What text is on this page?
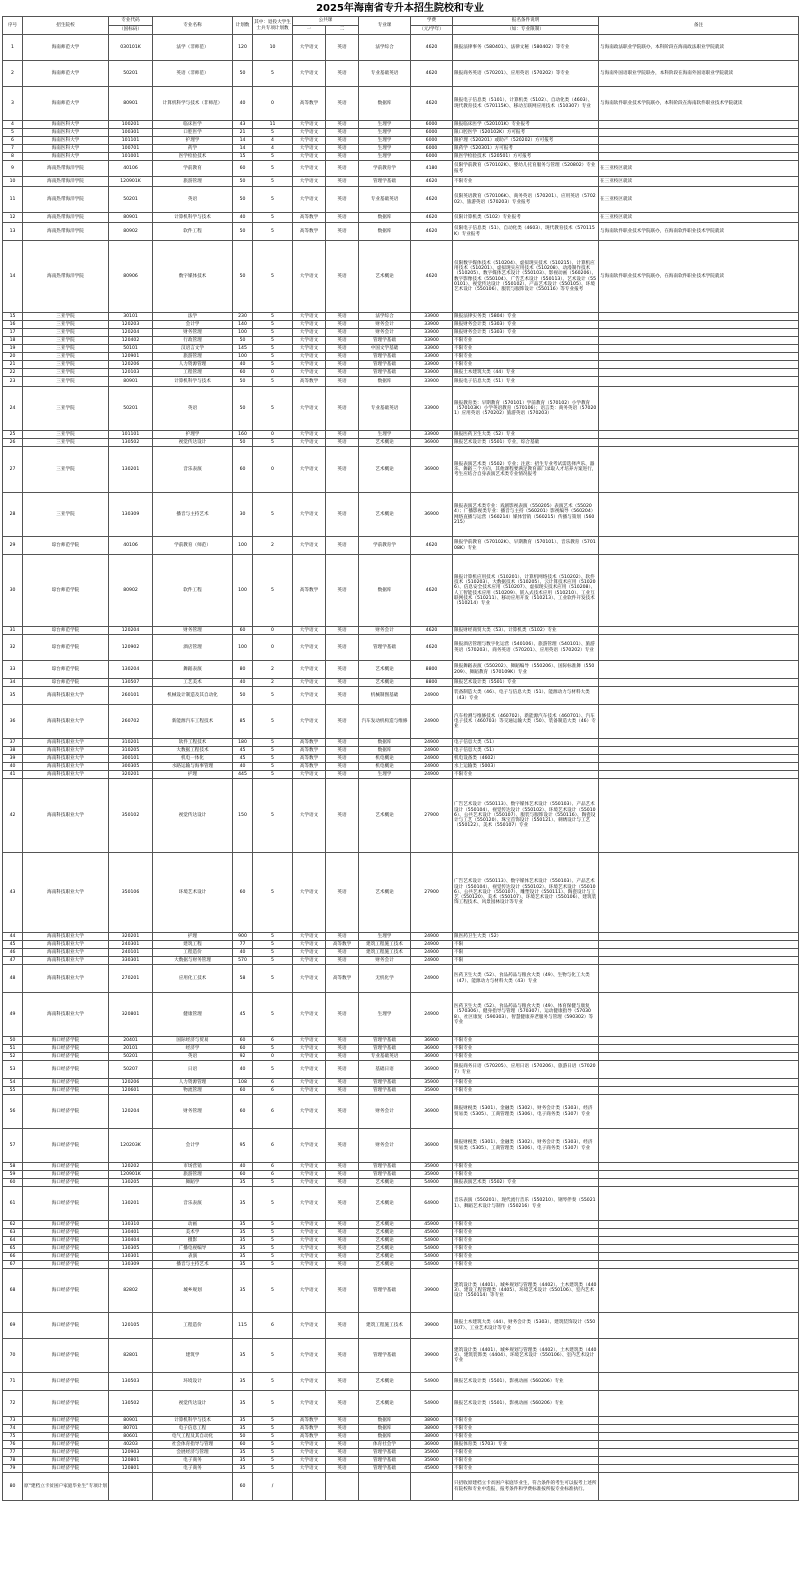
2025年海南省专升本招生院校和专业
序号	招生院校	专业代码	专业名称	计划数	其中：退役大学生士兵专项计划数	公共课		专业课	学费	报名条件说明	备注
		（国标码）				一	二		（元/学年）	（如：专业限制）	
1	海南师范大学	030101K	法学（非师范）	120	10	大学语文	英语	法学综合	4620	限报法律事务（580401）、法律文秘（580402）等专业	与海南政法职业学院联办，本科阶段在海南政法职业学院就读
2	海南师范大学	50201	英语（非师范）	50	5	大学语文	英语	专业基础英语	4620	限报商务英语（570201）、应用英语（570202）等专业	与海南外国语职业学院联办，本科阶段在海南外国语职业学院就读
3	海南师范大学	80901	计算机科学与技术（非师范）	40	0	高等数学	英语	数据库	4620	限报电子信息类（5101）、计算机类（5102）、自动化类（4603）、现代教育技术（570115K）、移动互联网应用技术（510307）专业	与海南软件职业技术学院联办，本科阶段在海南软件职业技术学院就读
4	海南医科大学	100201	临床医学	43	11	大学语文	英语	生理学	6000	限报临床医学（520101K）专业报考	
5	海南医科大学	100301	口腔医学	21	5	大学语文	英语	生理学	6000	限口腔医学（520102K）方可报考	
6	海南医科大学	101101	护理学	14	4	大学语文	英语	生理学	6000	限护理（520201）或助产（520202）方可报考	
7	海南医科大学	100701	药学	14	4	大学语文	英语	生理学	6000	限药学（520301）方可报考	
8	海南医科大学	101001	医学检验技术	15	5	大学语文	英语	生理学	6000	限医学检验技术（520501）方可报考	
9	海南热带海洋学院	40106	学前教育	60	5	大学语文	英语	学前教育学	4180	仅限学前教育（570102K）、婴幼儿托育服务与管理（520802）专业报考	在三亚校区就读
10	海南热带海洋学院	120901K	旅游管理	50	5	大学语文	英语	管理学基础	4620	不限专业	在三亚校区就读
11	海南热带海洋学院	50201	英语	50	5	大学语文	英语	专业基础英语	4620	仅限英语教育（570106K）、商务英语（570201）、应用英语（570202）、旅游英语（570203）专业报考	在三亚校区就读
12	海南热带海洋学院	80901	计算机科学与技术	40	5	高等数学	英语	数据库	4620	仅限计算机类（5102）专业报考	在三亚校区就读
13	海南热带海洋学院	80902	软件工程	50	5	高等数学	英语	数据库	4620	仅限电子信息类（51）、自动化类（4603）、现代教育技术（570115K）专业报考	与海南软件职业技术学院联办，在海南软件职业技术学院就读
14	海南热带海洋学院	80906	数字媒体技术	50	5	大学语文	英语	艺术概论	4620	仅限数字媒体技术（510204）、虚拟现实技术（510215）、计算机应用技术（510201）、虚拟现实应用技术（510208）、动漫制作技术（510205）、数字媒体艺术设计（550103）、影视动画（560206）、数字影像技术（550104）、广告艺术设计（550113）、艺术设计（550101）、视觉传达设计（550102）、产品艺术设计（550105）、环境艺术设计（550106）、服装与服饰设计（550116）等专业报考	与海南软件职业技术学院联办，在海南软件职业技术学院就读
15	三亚学院	30101	法学	230	5	大学语文	英语	法学综合	33900	限报法律实务类（5804）专业	
16	三亚学院	120203	会计学	140	5	大学语文	英语	财务会计	33900	限报财务会计类（5303）专业	
17	三亚学院	120204	财务管理	100	5	大学语文	英语	财务会计	33900	限报财务会计类（5303）专业	
18	三亚学院	120402	行政管理	50	5	大学语文	英语	管理学基础	33900	不限专业	
19	三亚学院	50101	汉语言文学	145	5	大学语文	英语	中国文学基础	33900	不限专业	
20	三亚学院	120901	旅游管理	100	5	大学语文	英语	管理学基础	33900	不限专业	
21	三亚学院	120206	人力资源管理	40	5	大学语文	英语	管理学基础	33900	不限专业	
22	三亚学院	120103	工程管理	60	0	大学语文	英语	管理学基础	33900	限报土木建筑大类（44）专业	
23	三亚学院	80901	计算机科学与技术	50	5	高等数学	英语	数据库	33900	限报电子信息大类（51）专业	
24	三亚学院	50201	英语	50	5	大学语文	英语	专业基础英语	33900	限报教育类：早期教育（570101）学前教育（570102）小学教育（570103K）小学英语教育（570106）；语言类：商务英语（570201）应用英语（570202）旅游英语（570203）	
25	三亚学院	101101	护理学	160	0	大学语文	英语	生理学	33900	限报医药卫生大类（52）专业	
26	三亚学院	130502	视觉传达设计	50	5	大学语文	英语	艺术概论	36900	限报艺术设计类（5501）专业，综合基础	
27	三亚学院	130201	音乐表演	60	0	大学语文	英语	艺术概论	36900	限报表演艺术类（5502）专业；注意：招生专业考试需选择声乐、器乐、舞蹈三个方向，其他课程要满足教育部门录取人才培养方案进行，考生应结合自身表演艺术类专业情况报考	
28	三亚学院	130309	播音与主持艺术	30	5	大学语文	英语	艺术概论	36900	限报表演艺术类专业：戏剧影视表演（550205）表演艺术（550204）；广播影视类专业：播音与主持（560201）影视编导（560204）网络直播与运营（560214）媒体营销（560215）传播与策划（560215）	
29	琼台师范学院	40106	学前教育（师范）	100	2	大学语文	英语	学前教育学	4620	限报学前教育（570102K）、早期教育（570101）、音乐教育（570108K）专业	
30	琼台师范学院	80902	软件工程	100	5	高等数学	英语	数据库	4620	限报计算机应用技术（510201）、计算机网络技术（510202）、软件技术（510203）、大数据技术（510205）、云计算技术应用（510206）、信息安全技术应用（510207）、虚拟现实技术应用（510208）、人工智能技术应用（510209）、嵌入式技术应用（510210）、工业互联网技术（510211）、移动应用开发（510213）、工业软件开发技术（510214）专业	
31	琼台师范学院	120204	财务管理	60	0	大学语文	英语	财务会计	4620	限报财经商贸大类（53）、计算机类（5102）专业	
32	琼台师范学院	120902	酒店管理	100	0	大学语文	英语	管理学基础	4620	限报酒店管理与数字化运营（540106）、旅游管理（540101）、旅游英语（570203）、商务英语（570201）、应用英语（570202）专业	
33	琼台师范学院	130204	舞蹈表演	80	2	大学语文	英语	艺术概论	8800	限报舞蹈表演（550202）、舞蹈编导（550206）、国际标准舞（550209）、舞蹈教育（570109K）专业	
34	琼台师范学院	130507	工艺美术	40	2	大学语文	英语	艺术概论	8800	限报艺术设计类（5501）专业	
35	海南科技职业大学	260101	机械设计制造及其自动化	50	5	大学语文	英语	机械制图基础	24900	装备制造大类（46）、电子与信息大类（51）、能源动力与材料大类（43）专业	
36	海南科技职业大学	260702	新能源汽车工程技术	85	5	大学语文	英语	汽车发动机构造与维修	24900	汽车检测与维修技术（460702）、新能源汽车技术（460701）、汽车电子技术（460703）等交通运输大类（50）、装备制造大类（46）专业	
37	海南科技职业大学	310201	软件工程技术	180	5	高等数学	英语	数据库	24900	电子信息大类（51）	
38	海南科技职业大学	310205	大数据工程技术	45	5	高等数学	英语	数据库	24900	电子信息大类（51）	
39	海南科技职业大学	300101	机电一体化	45	5	高等数学	英语	机电概论	24900	机电设备类（4602）	
40	海南科技职业大学	300305	水路运输与海事管理	40	5	高等数学	英语	机电概论	24900	水上运输类（5003）	
41	海南科技职业大学	320201	护理	445	5	大学语文	英语	生理学	24900	不限专业	
42	海南科技职业大学	350102	视觉传达设计	150	5	大学语文	英语	艺术概论	27900	广告艺术设计（550113）、数字媒体艺术设计（550103）、产品艺术设计（550104）、视觉传达设计（550102）、环境艺术设计（550106）、公共艺术设计（550107）、服装与服饰设计（550116）、陶瓷设计与工艺（550120）、珠宝首饰设计（550121）、刺绣设计与工艺（550122）、美术（550107）专业	
43	海南科技职业大学	350106	环境艺术设计	60	5	大学语文	英语	艺术概论	27900	广告艺术设计（550113）、数字媒体艺术设计（550103）、产品艺术设计（550104）、视觉传达设计（550102）、环境艺术设计（550106）、公共艺术设计（550107）、雕塑设计（550111）、陶瓷设计与工艺（550120）、美术（550107）、环境艺术设计（550106）、建筑装饰工程技术、风景园林设计等专业	
44	海南科技职业大学	320201	护理	900	5	大学语文	英语	生理学	24900	限医药卫生大类（52）	
45	海南科技职业大学	240301	建筑工程	77	5	大学语文	高等数学	建筑工程施工技术	24900	不限	
46	海南科技职业大学	240101	工程造价	40	5	大学语文	英语	建筑工程施工技术	24900	不限	
47	海南科技职业大学	330301	大数据与财务管理	570	5	大学语文	英语	财务会计	24900	不限	
48	海南科技职业大学	270201	应用化工技术	58	5	大学语文	高等数学	无机化学	24900	医药卫生大类（52）、食品药品与粮食大类（49）、生物与化工大类（47）、能源动力与材料大类（43）专业	
49	海南科技职业大学	320801	健康管理	45	5	大学语文	英语	生理学	24900	医药卫生大类（52）、食品药品与粮食大类（49）、体育保健与康复（570306）、健身指导与管理（570307）、运动健康指导（570308）、社区康复（590303）、智慧健康养老服务与管理（590302）等专业	
50	海口经济学院	20401	国际经济与贸易	60	6	大学语文	英语	管理学基础	36900	不限专业	
51	海口经济学院	20101	经济学	60	5	大学语文	英语	管理学基础	36900	不限专业	
52	海口经济学院	50201	英语	92	0	大学语文	英语	专业基础英语	36900	不限专业	
53	海口经济学院	50207	日语	40	5	大学语文	英语	基础日语	36900	限报商务日语（570205）、应用日语（570206）、旅游日语（570207）专业	
54	海口经济学院	120206	人力资源管理	108	6	大学语文	英语	管理学基础	35900	不限专业	
55	海口经济学院	120601	物流管理	60	6	大学语文	英语	管理学基础	35900	不限专业	
56	海口经济学院	120204	财务管理	60	6	大学语文	英语	财务会计	36900	限报财税类（5301）、金融类（5302）、财务会计类（5303）、经济贸易类（5305）、工商管理类（5306）、电子商务类（5307）专业	
57	海口经济学院	120203K	会计学	95	6	大学语文	英语	财务会计	36900	限报财税类（5301）、金融类（5302）、财务会计类（5303）、经济贸易类（5305）、工商管理类（5306）、电子商务类（5307）专业	
58	海口经济学院	120202	市场营销	40	6	大学语文	英语	管理学基础	35900	不限专业	
59	海口经济学院	120901K	旅游管理	60	6	大学语文	英语	管理学基础	35900	不限专业	
60	海口经济学院	130205	舞蹈学	35	5	大学语文	英语	艺术概论	54900	限报表演艺术类（5502）专业	
61	海口经济学院	130201	音乐表演	35	5	大学语文	英语	艺术概论	64900	音乐表演（550201）、现代流行音乐（550210）、钢琴伴奏（550211）、舞蹈艺术设计与制作（550216）专业	
62	海口经济学院	130310	动画	35	5	大学语文	英语	艺术概论	45900	不限专业	
63	海口经济学院	130401	美术学	35	5	大学语文	英语	艺术概论	45900	不限专业	
64	海口经济学院	130404	摄影	35	5	大学语文	英语	艺术概论	54900	不限专业	
65	海口经济学院	130305	广播电视编导	35	5	大学语文	英语	艺术概论	54900	不限专业	
66	海口经济学院	130301	表演	35	5	大学语文	英语	艺术概论	54900	不限专业	
67	海口经济学院	130309	播音与主持艺术	35	5	大学语文	英语	艺术概论	54900	不限专业	
68	海口经济学院	82802	城乡规划	35	5	大学语文	英语	管理学基础	39900	建筑设计类（4401）、城乡规划与管理类（4402）、土木建筑类（4403）、建设工程管理类（4405）、环境艺术设计（550106）、室内艺术设计（550114）等专业	
69	海口经济学院	120105	工程造价	115	6	大学语文	英语	建筑工程施工技术	39900	限报土木建筑大类（44）、财务会计类（5303）、建筑装饰设计（550107）、工业艺术设计等专业	
70	海口经济学院	82801	建筑学	35	5	大学语文	英语	管理学基础	39900	建筑设计类（4401）、城乡规划与管理类（4402）、土木建筑类（4403）、建筑装饰类（4404）、环境艺术设计（550106）、室内艺术设计专业	
71	海口经济学院	130503	环境设计	35	5	大学语文	英语	艺术概论	54900	限报艺术设计类（5501）、影视动画（560206）专业	
72	海口经济学院	130502	视觉传达设计	35	5	大学语文	英语	艺术概论	54900	限报艺术设计类（5501）、影视动画（560206）专业	
73	海口经济学院	80901	计算机科学与技术	35	5	高等数学	英语	数据库	38900	不限专业	
74	海口经济学院	80701	电子信息工程	35	5	高等数学	英语	数据库	38900	不限专业	
75	海口经济学院	80601	电气工程及其自动化	50	5	高等数学	英语	数据库	38900	不限专业	
76	海口经济学院	40203	社会体育指导与管理	60	5	大学语文	英语	体育社会学	36900	限报体育类（5703）专业	
77	海口经济学院	120903	会展经济与管理	35	5	大学语文	英语	管理学基础	35900	不限专业	
78	海口经济学院	120801	电子商务	35	5	大学语文	英语	管理学基础	35900	不限专业	
79	海口经济学院	120801	电子商务	35	5	大学语文	英语	管理学基础	45900	不限专业	
80	原“建档立卡贫困户家庭毕业生”专项计划			60	/					只招收原建档立卡贫困户家庭毕业生，符合条件的考生可以报考上述所有院校和专业中选报，报考条件和学费标准按所报专业标准执行。	
